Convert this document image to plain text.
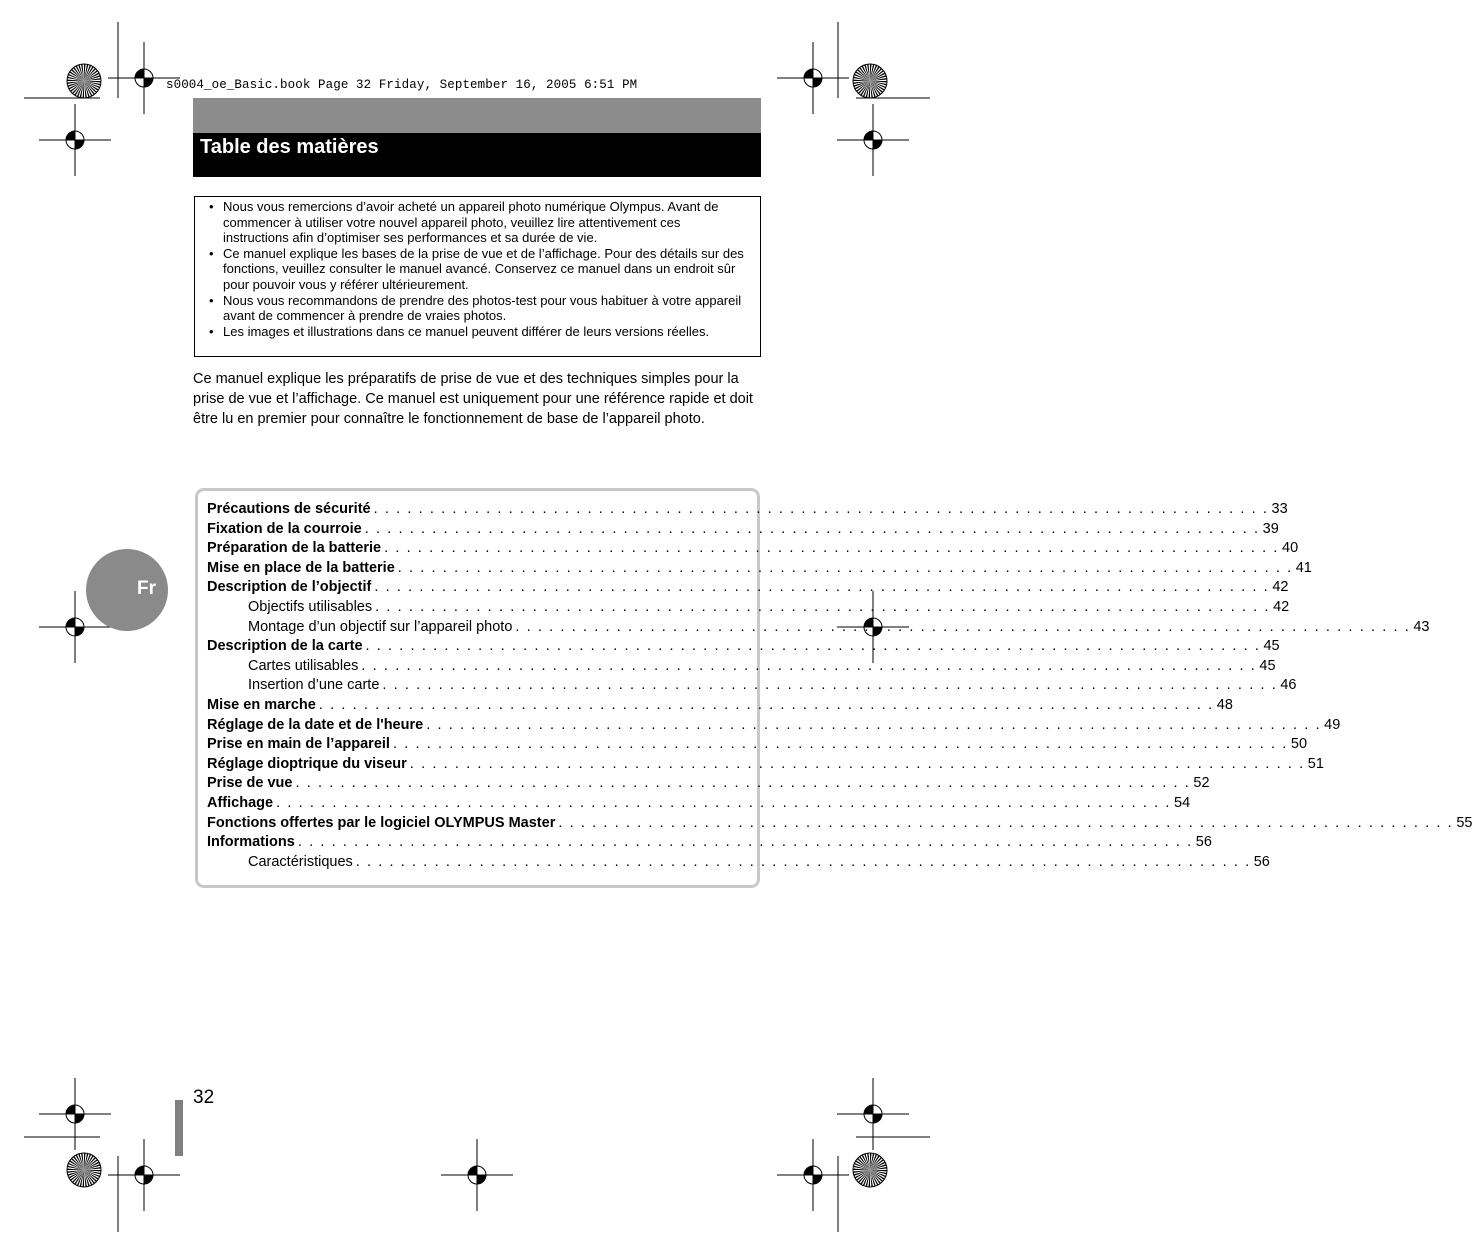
s0004_oe_Basic.book Page 32 Friday, September 16, 2005 6:51 PM
Table des matières
• Nous vous remercions d’avoir acheté un appareil photo numérique Olympus. Avant de commencer à utiliser votre nouvel appareil photo, veuillez lire attentivement ces instructions afin d’optimiser ses performances et sa durée de vie.
• Ce manuel explique les bases de la prise de vue et de l’affichage. Pour des détails sur des fonctions, veuillez consulter le manuel avancé. Conservez ce manuel dans un endroit sûr pour pouvoir vous y référer ultérieurement.
• Nous vous recommandons de prendre des photos-test pour vous habituer à votre appareil avant de commencer à prendre de vraies photos.
• Les images et illustrations dans ce manuel peuvent différer de leurs versions réelles.
Ce manuel explique les préparatifs de prise de vue et des techniques simples pour la prise de vue et l’affichage. Ce manuel est uniquement pour une référence rapide et doit être lu en premier pour connaître le fonctionnement de base de l’appareil photo.
Précautions de sécurité . . . . . . . . . . . . . . . . . . . . . . . . . . . . . . . . . . . . . . . . . . . . . . . . . . . . . . . . . . . . . . . . . . . . . . . . . . . . . . . . 33
Fixation de la courroie . . . . . . . . . . . . . . . . . . . . . . . . . . . . . . . . . . . . . . . . . . . . . . . . . . . . . . . . . . . . . . . . . . . . . . . . . . . . . . . . 39
Préparation de la batterie . . . . . . . . . . . . . . . . . . . . . . . . . . . . . . . . . . . . . . . . . . . . . . . . . . . . . . . . . . . . . . . . . . . . . . . . . . . . . . . . 40
Mise en place de la batterie . . . . . . . . . . . . . . . . . . . . . . . . . . . . . . . . . . . . . . . . . . . . . . . . . . . . . . . . . . . . . . . . . . . . . . . . . . . . . . . . 41
Description de l’objectif . . . . . . . . . . . . . . . . . . . . . . . . . . . . . . . . . . . . . . . . . . . . . . . . . . . . . . . . . . . . . . . . . . . . . . . . . . . . . . . . 42
Objectifs utilisables . . . . . . . . . . . . . . . . . . . . . . . . . . . . . . . . . . . . . . . . . . . . . . . . . . . . . . . . . . . . . . . . . . . . . . . . . . . . . . . . 42
Montage d’un objectif sur l’appareil photo . . . . . . . . . . . . . . . . . . . . . . . . . . . . . . . . . . . . . . . . . . . . . . . . . . . . . . . . . . . . . . . . . . . . . . . . . . . . . . . . 43
Description de la carte . . . . . . . . . . . . . . . . . . . . . . . . . . . . . . . . . . . . . . . . . . . . . . . . . . . . . . . . . . . . . . . . . . . . . . . . . . . . . . . . 45
Cartes utilisables . . . . . . . . . . . . . . . . . . . . . . . . . . . . . . . . . . . . . . . . . . . . . . . . . . . . . . . . . . . . . . . . . . . . . . . . . . . . . . . . 45
Insertion d’une carte . . . . . . . . . . . . . . . . . . . . . . . . . . . . . . . . . . . . . . . . . . . . . . . . . . . . . . . . . . . . . . . . . . . . . . . . . . . . . . . . 46
Mise en marche . . . . . . . . . . . . . . . . . . . . . . . . . . . . . . . . . . . . . . . . . . . . . . . . . . . . . . . . . . . . . . . . . . . . . . . . . . . . . . . . 48
Réglage de la date et de l'heure . . . . . . . . . . . . . . . . . . . . . . . . . . . . . . . . . . . . . . . . . . . . . . . . . . . . . . . . . . . . . . . . . . . . . . . . . . . . . . . . 49
Prise en main de l’appareil . . . . . . . . . . . . . . . . . . . . . . . . . . . . . . . . . . . . . . . . . . . . . . . . . . . . . . . . . . . . . . . . . . . . . . . . . . . . . . . . 50
Réglage dioptrique du viseur . . . . . . . . . . . . . . . . . . . . . . . . . . . . . . . . . . . . . . . . . . . . . . . . . . . . . . . . . . . . . . . . . . . . . . . . . . . . . . . . 51
Prise de vue . . . . . . . . . . . . . . . . . . . . . . . . . . . . . . . . . . . . . . . . . . . . . . . . . . . . . . . . . . . . . . . . . . . . . . . . . . . . . . . . 52
Affichage . . . . . . . . . . . . . . . . . . . . . . . . . . . . . . . . . . . . . . . . . . . . . . . . . . . . . . . . . . . . . . . . . . . . . . . . . . . . . . . . 54
Fonctions offertes par le logiciel OLYMPUS Master . . . . . . . . . . . . . . . . . . . . . . . . . . . . . . . . . . . . . . . . . . . . . . . . . . . . . . . . . . . . . . . . . . . . . . . . . . . . . . . . 55
Informations . . . . . . . . . . . . . . . . . . . . . . . . . . . . . . . . . . . . . . . . . . . . . . . . . . . . . . . . . . . . . . . . . . . . . . . . . . . . . . . . 56
Caractéristiques . . . . . . . . . . . . . . . . . . . . . . . . . . . . . . . . . . . . . . . . . . . . . . . . . . . . . . . . . . . . . . . . . . . . . . . . . . . . . . . . 56
Fr
32
